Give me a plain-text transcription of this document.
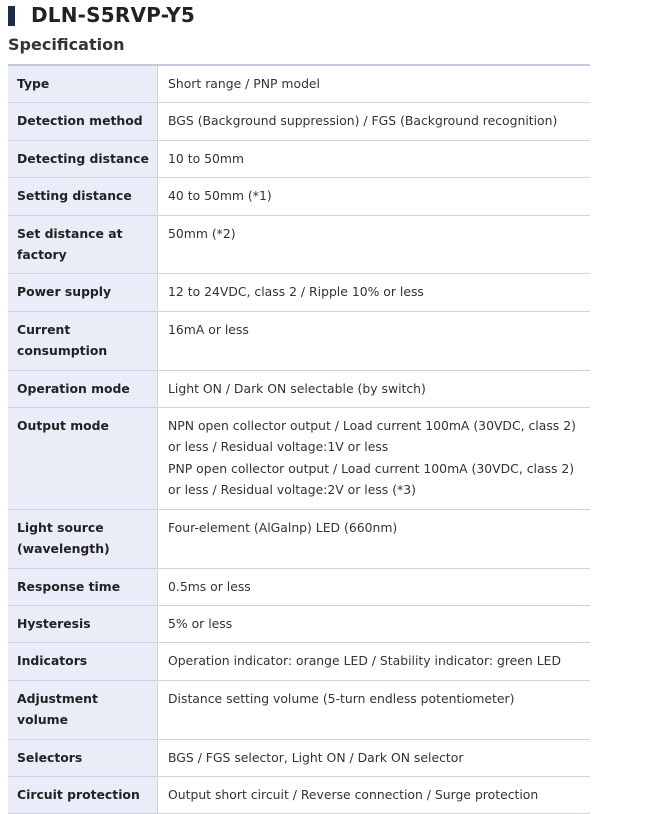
DLN-S5RVP-Y5
Specification
Type	Short range / PNP model
Detection method	BGS (Background suppression) / FGS (Background recognition)
Detecting distance	10 to 50mm
Setting distance	40 to 50mm (*1)
Set distance at factory	50mm (*2)
Power supply	12 to 24VDC, class 2 / Ripple 10% or less
Current consumption	16mA or less
Operation mode	Light ON / Dark ON selectable (by switch)
Output mode	NPN open collector output / Load current 100mA (30VDC, class 2) or less / Residual voltage:1V or less
PNP open collector output / Load current 100mA (30VDC, class 2) or less / Residual voltage:2V or less (*3)
Light source (wavelength)	Four-element (AlGalnp) LED (660nm)
Response time	0.5ms or less
Hysteresis	5% or less
Indicators	Operation indicator: orange LED / Stability indicator: green LED
Adjustment volume	Distance setting volume (5-turn endless potentiometer)
Selectors	BGS / FGS selector, Light ON / Dark ON selector
Circuit protection	Output short circuit / Reverse connection / Surge protection
